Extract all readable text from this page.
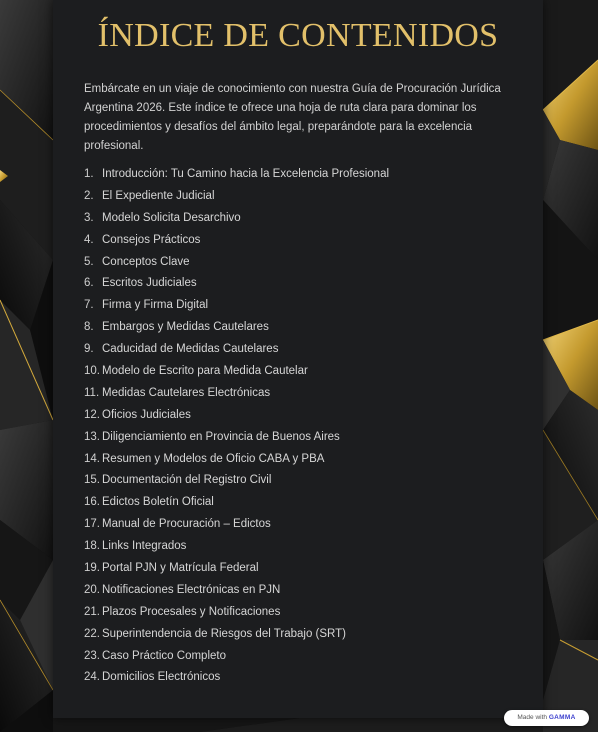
ÍNDICE DE CONTENIDOS

Embárcate en un viaje de conocimiento con nuestra Guía de Procuración Jurídica Argentina 2026. Este índice te ofrece una hoja de ruta clara para dominar los procedimientos y desafíos del ámbito legal, preparándote para la excelencia profesional.

1. Introducción: Tu Camino hacia la Excelencia Profesional
2. El Expediente Judicial
3. Modelo Solicita Desarchivo
4. Consejos Prácticos
5. Conceptos Clave
6. Escritos Judiciales
7. Firma y Firma Digital
8. Embargos y Medidas Cautelares
9. Caducidad de Medidas Cautelares
10. Modelo de Escrito para Medida Cautelar
11. Medidas Cautelares Electrónicas
12. Oficios Judiciales
13. Diligenciamiento en Provincia de Buenos Aires
14. Resumen y Modelos de Oficio CABA y PBA
15. Documentación del Registro Civil
16. Edictos Boletín Oficial
17. Manual de Procuración – Edictos
18. Links Integrados
19. Portal PJN y Matrícula Federal
20. Notificaciones Electrónicas en PJN
21. Plazos Procesales y Notificaciones
22. Superintendencia de Riesgos del Trabajo (SRT)
23. Caso Práctico Completo
24. Domicilios Electrónicos
Made with GAMMA
